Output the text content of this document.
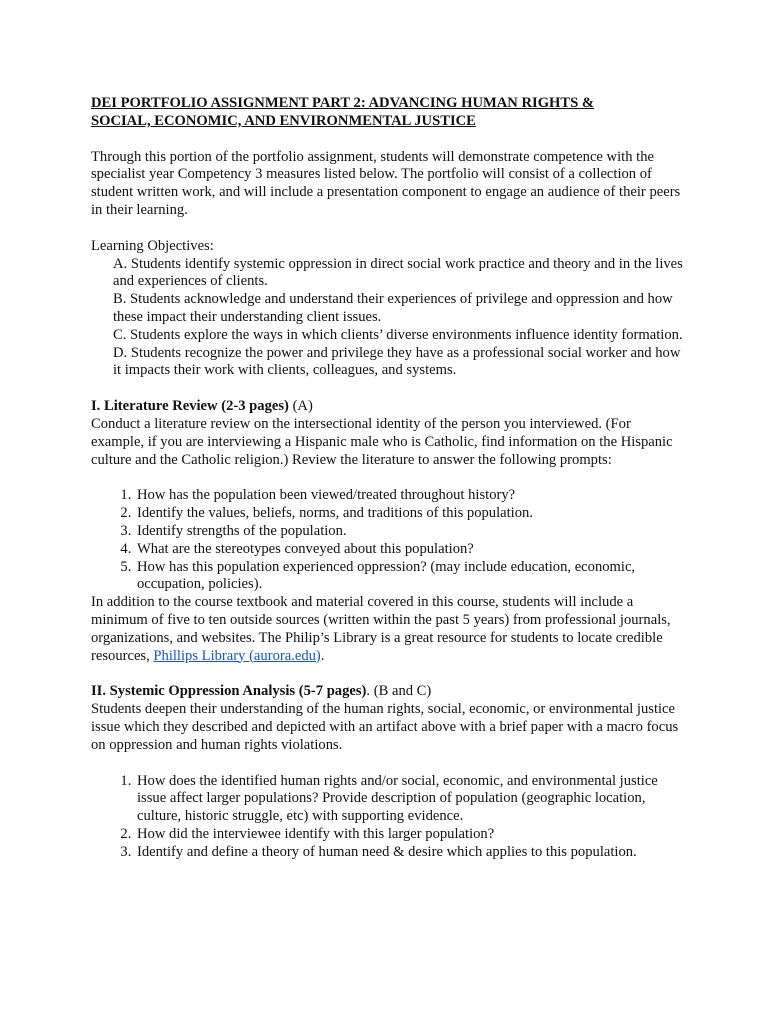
DEI PORTFOLIO ASSIGNMENT PART 2: ADVANCING HUMAN RIGHTS &
SOCIAL, ECONOMIC, AND ENVIRONMENTAL JUSTICE

Through this portion of the portfolio assignment, students will demonstrate competence with the specialist year Competency 3 measures listed below. The portfolio will consist of a collection of student written work, and will include a presentation component to engage an audience of their peers in their learning.

Learning Objectives:

A. Students identify systemic oppression in direct social work practice and theory and in the lives and experiences of clients.

B. Students acknowledge and understand their experiences of privilege and oppression and how these impact their understanding client issues.

C. Students explore the ways in which clients’ diverse environments influence identity formation.

D. Students recognize the power and privilege they have as a professional social worker and how it impacts their work with clients, colleagues, and systems.

I. Literature Review (2-3 pages) (A)

Conduct a literature review on the intersectional identity of the person you interviewed. (For example, if you are interviewing a Hispanic male who is Catholic, find information on the Hispanic culture and the Catholic religion.) Review the literature to answer the following prompts:

1. How has the population been viewed/treated throughout history?
2. Identify the values, beliefs, norms, and traditions of this population.
3. Identify strengths of the population.
4. What are the stereotypes conveyed about this population?
5. How has this population experienced oppression? (may include education, economic, occupation, policies).

In addition to the course textbook and material covered in this course, students will include a minimum of five to ten outside sources (written within the past 5 years) from professional journals, organizations, and websites. The Philip’s Library is a great resource for students to locate credible resources, Phillips Library (aurora.edu).

II. Systemic Oppression Analysis (5-7 pages). (B and C)

Students deepen their understanding of the human rights, social, economic, or environmental justice issue which they described and depicted with an artifact above with a brief paper with a macro focus on oppression and human rights violations.

1. How does the identified human rights and/or social, economic, and environmental justice issue affect larger populations? Provide description of population (geographic location, culture, historic struggle, etc) with supporting evidence.
2. How did the interviewee identify with this larger population?
3. Identify and define a theory of human need & desire which applies to this population.
